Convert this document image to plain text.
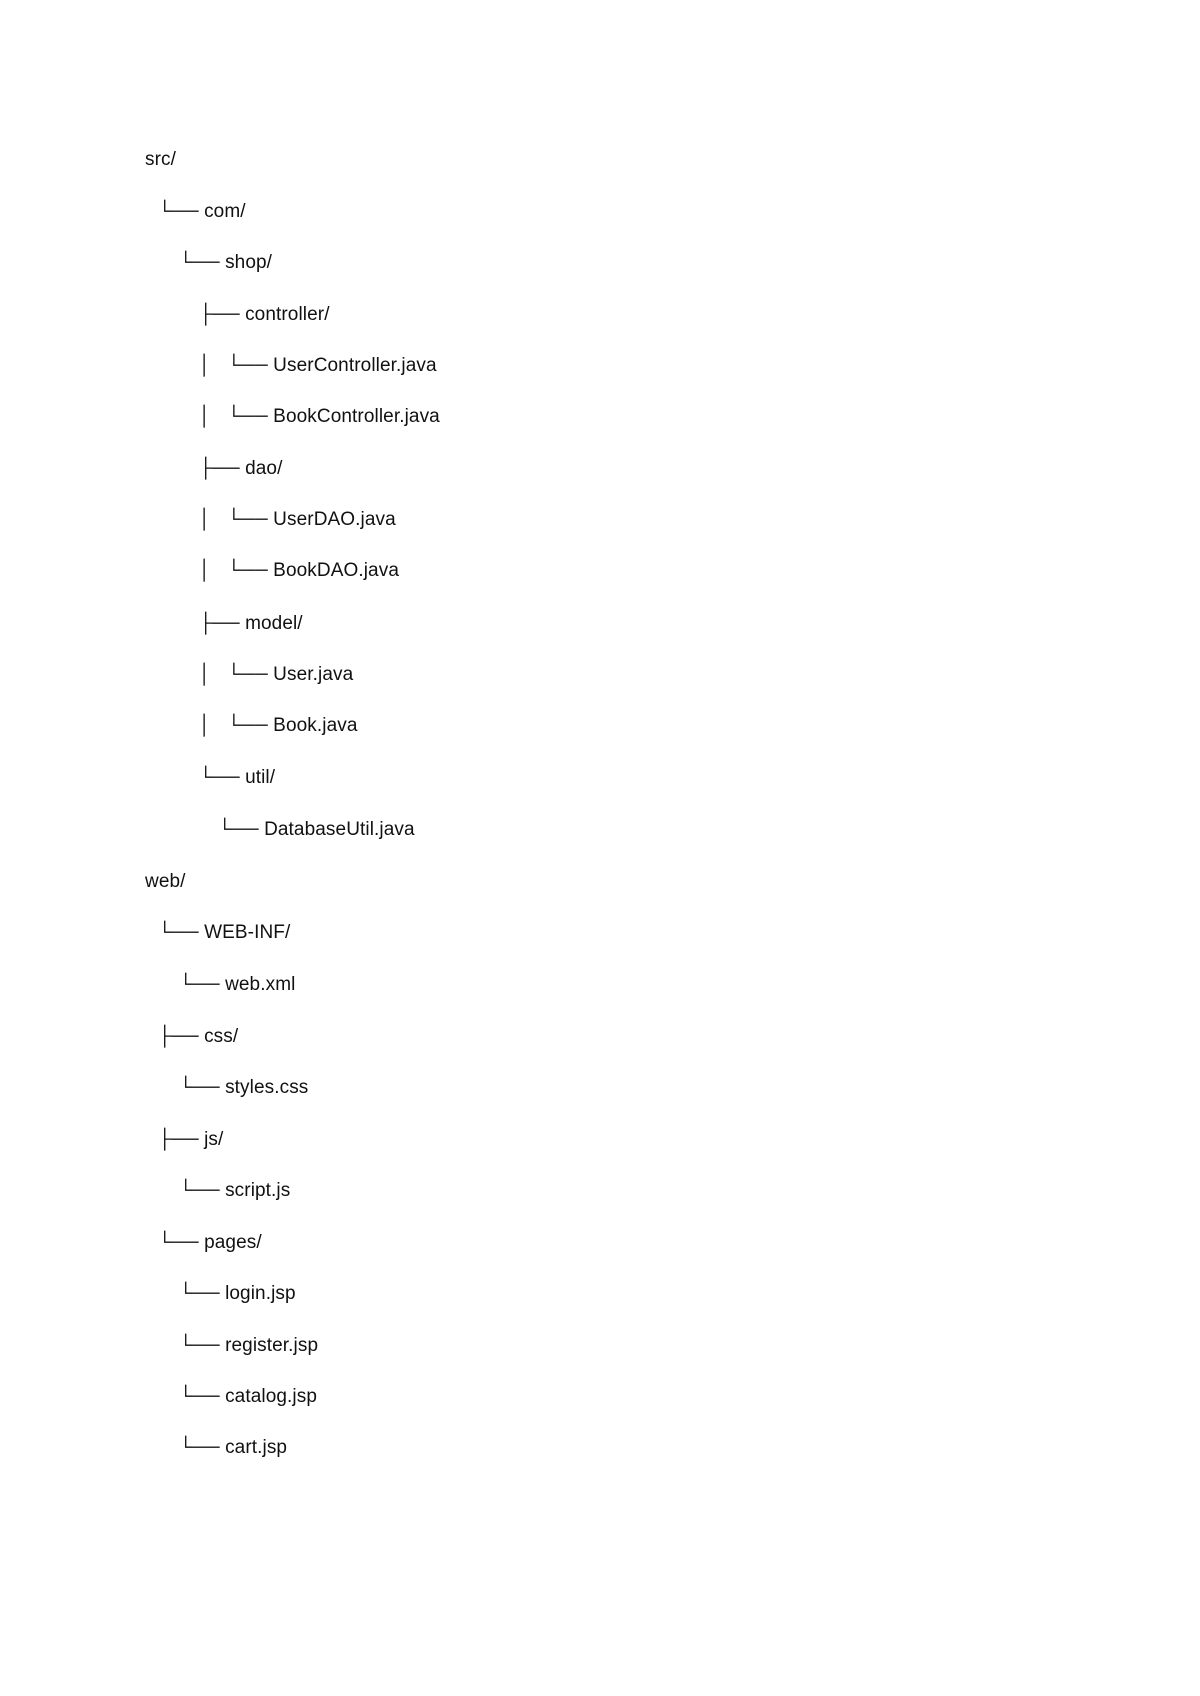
src/
└── com/
└── shop/
├── controller/
│   └── UserController.java
│   └── BookController.java
├── dao/
│   └── UserDAO.java
│   └── BookDAO.java
├── model/
│   └── User.java
│   └── Book.java
└── util/
└── DatabaseUtil.java
web/
└── WEB-INF/
└── web.xml
├── css/
└── styles.css
├── js/
└── script.js
└── pages/
└── login.jsp
└── register.jsp
└── catalog.jsp
└── cart.jsp
